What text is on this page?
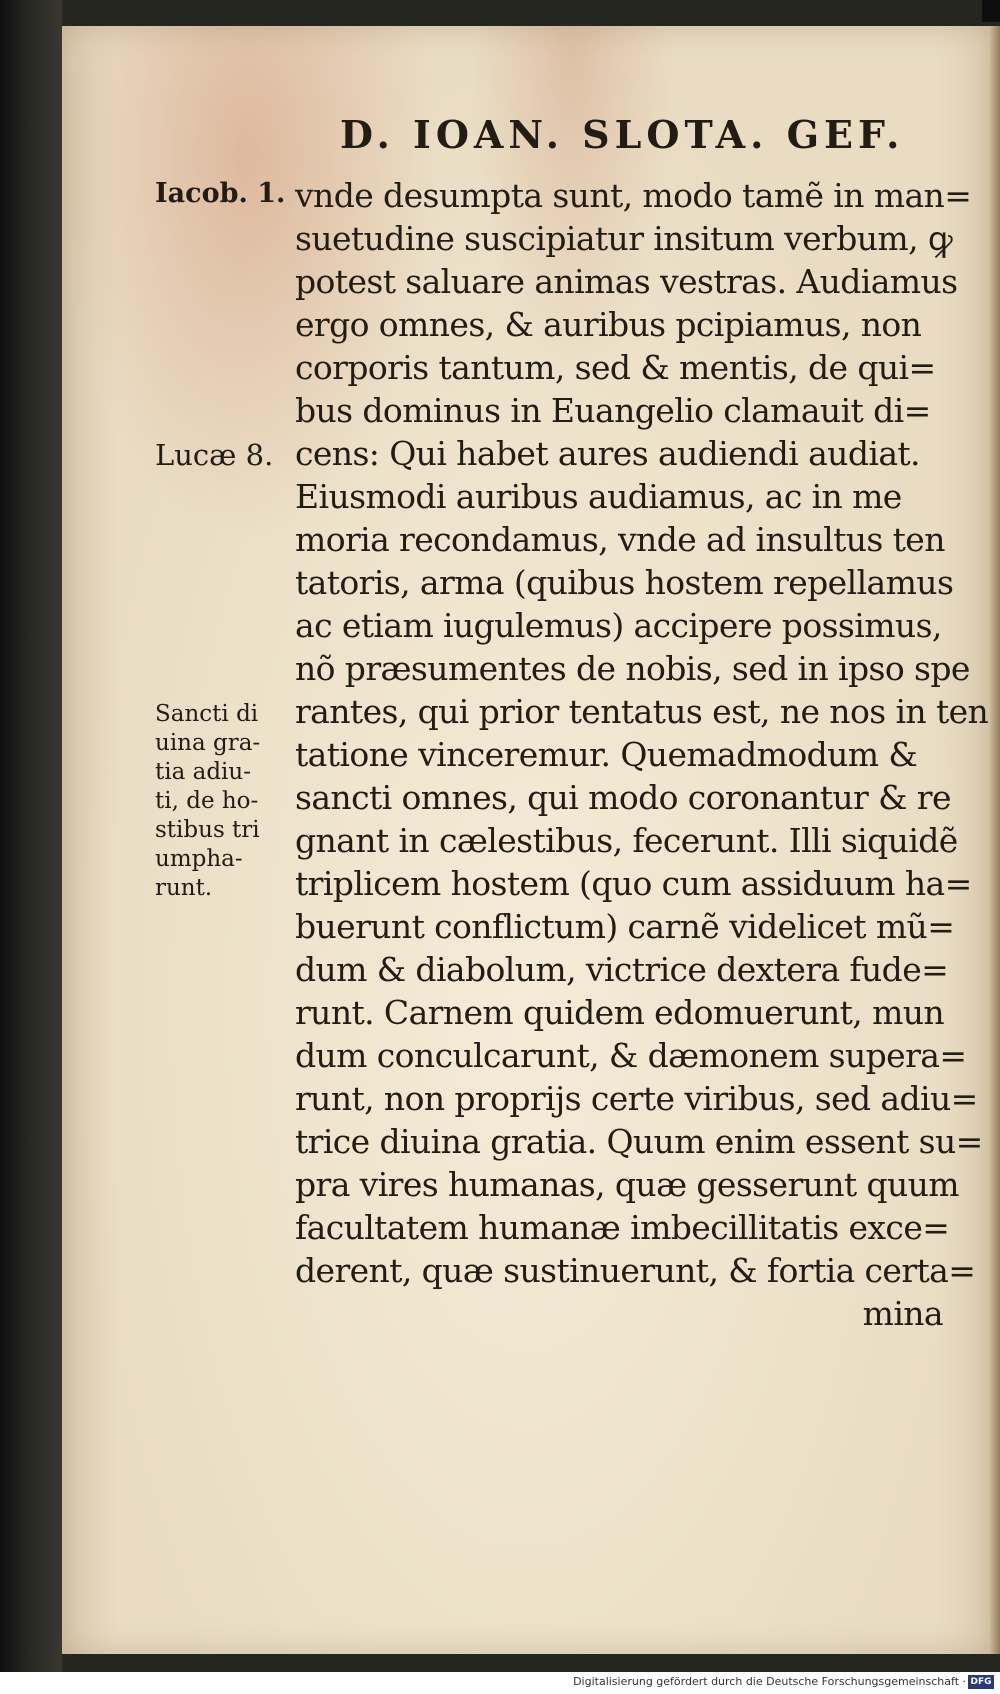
D. IOAN. SLOTA. GEF.
Iacob. 1.
Lucæ 8.
Sancti di
uina gra-
tia adiu-
ti, de ho-
stibus tri
umpha-
runt.
vnde desumpta sunt, modo tamẽ in man=
suetudine suscipiatur insitum verbum, ꝙ
potest saluare animas vestras. Audiamus
ergo omnes, & auribus pcipiamus, non
corporis tantum, sed & mentis, de qui=
bus dominus in Euangelio clamauit di=
cens: Qui habet aures audiendi audiat.
Eiusmodi auribus audiamus, ac in me
moria recondamus, vnde ad insultus ten
tatoris, arma (quibus hostem repellamus
ac etiam iugulemus) accipere possimus,
nõ præsumentes de nobis, sed in ipso spe
rantes, qui prior tentatus est, ne nos in ten
tatione vinceremur. Quemadmodum &
sancti omnes, qui modo coronantur & re
gnant in cælestibus, fecerunt. Illi siquidẽ
triplicem hostem (quo cum assiduum ha=
buerunt conflictum) carnẽ videlicet mũ=
dum & diabolum, victrice dextera fude=
runt. Carnem quidem edomuerunt, mun
dum conculcarunt, & dæmonem supera=
runt, non proprijs certe viribus, sed adiu=
trice diuina gratia. Quum enim essent su=
pra vires humanas, quæ gesserunt quum
facultatem humanæ imbecillitatis exce=
derent, quæ sustinuerunt, & fortia certa=
mina
Digitalisierung gefördert durch die Deutsche Forschungsgemeinschaft · DFG
